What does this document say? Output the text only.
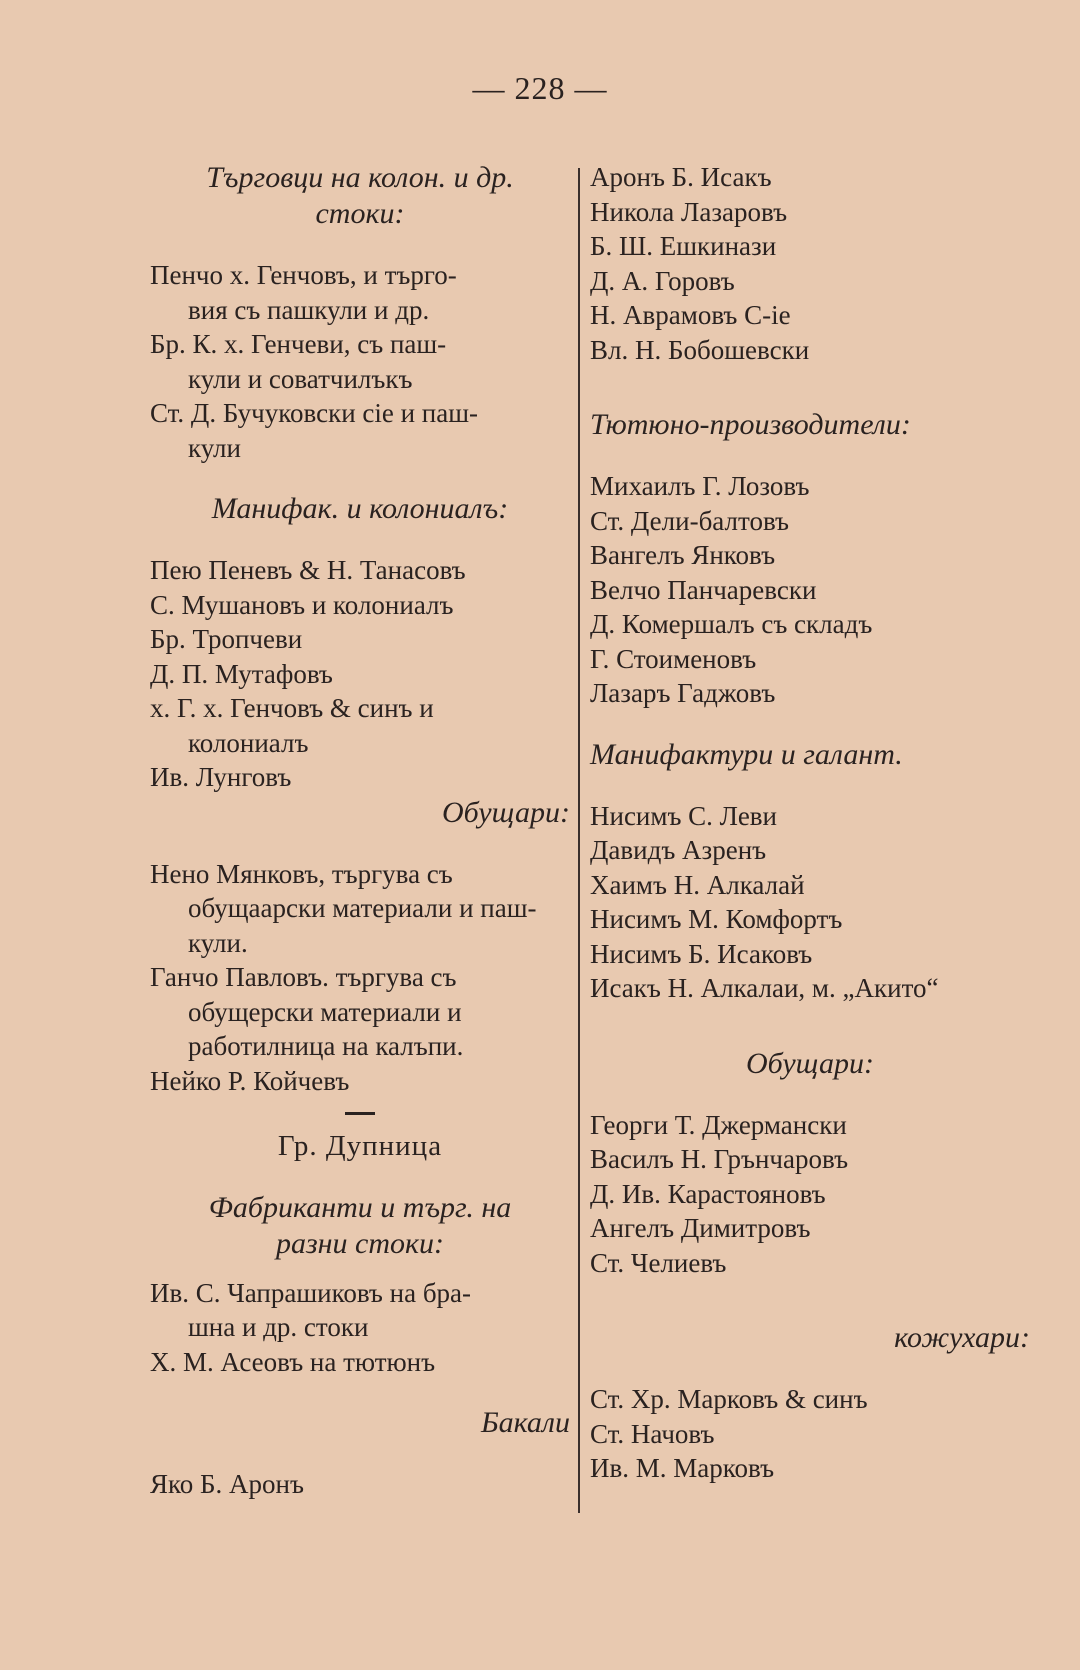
— 228 —
Търговци на колон. и др.
стоки:
Пенчо х. Генчовъ, и търго-
вия съ пашкули и др.
Бр. К. х. Генчеви, съ паш-
кули и соватчилъкъ
Ст. Д. Бучуковски сiе и паш-
кули
Манифак. и колониалъ:
Пею Пеневъ & Н. Танасовъ
С. Мушановъ и колониалъ
Бр. Тропчеви
Д. П. Мутафовъ
х. Г. х. Генчовъ & синъ и
колониалъ
Ив. Лунговъ
Обущари:
Нено Мянковъ, търгува съ
обущаарски материали и паш-
кули.
Ганчо Павловъ. търгува съ
обущерски материали и
работилница на калъпи.
Нейко Р. Койчевъ
Гр. Дупница
Фабриканти и търг. на
разни стоки:
Ив. С. Чапрашиковъ на бра-
шна и др. стоки
Х. М. Асеовъ на тютюнъ
Бакали
Яко Б. Аронъ
Аронъ Б. Исакъ
Никола Лазаровъ
Б. Ш. Ешкинази
Д. А. Горовъ
Н. Аврамовъ С-iе
Вл. Н. Бобошевски
Тютюно-производители:
Михаилъ Г. Лозовъ
Ст. Дели-балтовъ
Вангелъ Янковъ
Велчо Панчаревски
Д. Комершалъ съ складъ
Г. Стоименовъ
Лазаръ Гаджовъ
Манифактури и галант.
Нисимъ С. Леви
Давидъ Азренъ
Хаимъ Н. Алкалай
Нисимъ М. Комфортъ
Нисимъ Б. Исаковъ
Исакъ Н. Алкалаи, м. „Акито“
Обущари:
Георги Т. Джермански
Василъ Н. Грънчаровъ
Д. Ив. Карастояновъ
Ангелъ Димитровъ
Ст. Челиевъ
кожухари:
Ст. Хр. Марковъ & синъ
Ст. Начовъ
Ив. М. Марковъ
